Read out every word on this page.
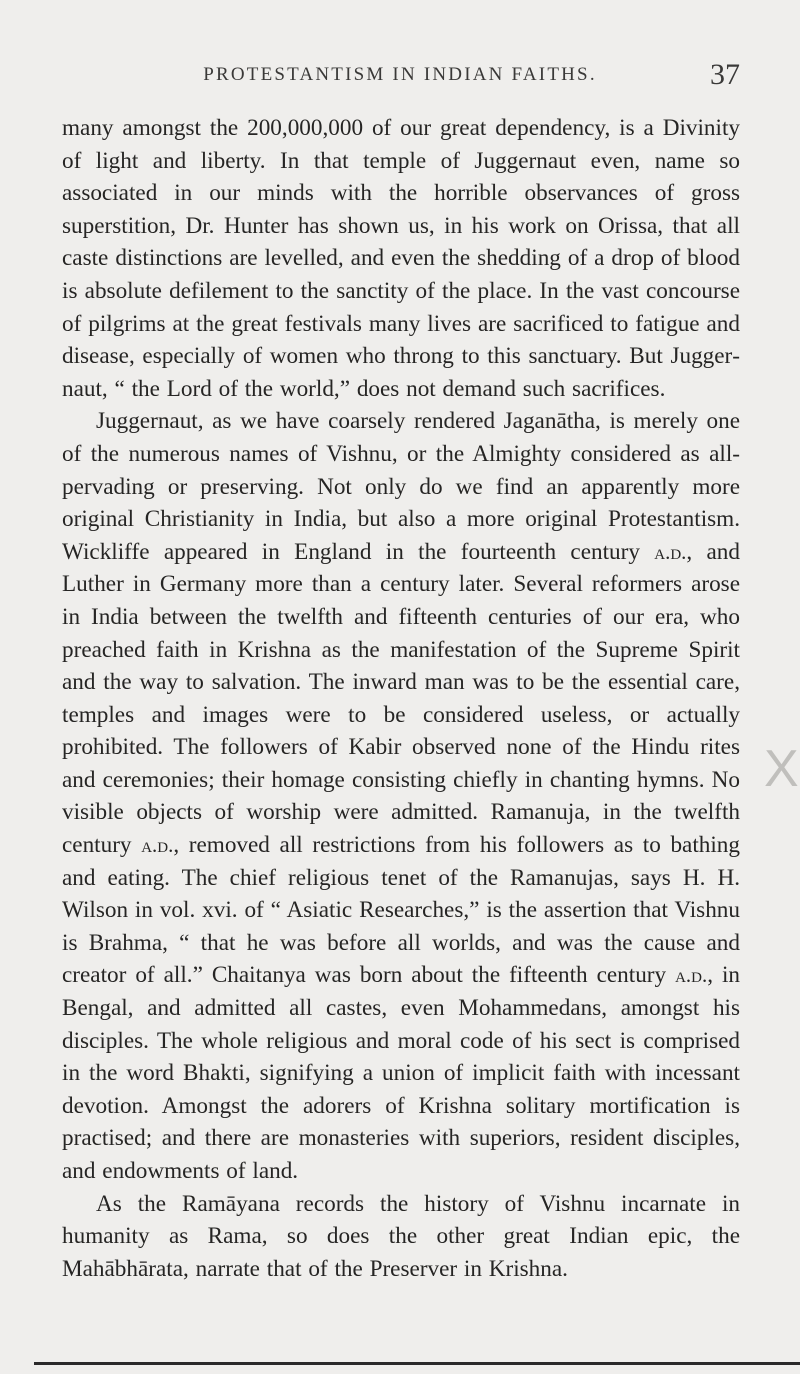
PROTESTANTISM IN INDIAN FAITHS.	37

many amongst the 200,000,000 of our great dependency, is a Divinity of light and liberty. In that temple of Juggernaut even, name so associated in our minds with the horrible observances of gross superstition, Dr. Hunter has shown us, in his work on Orissa, that all caste distinctions are levelled, and even the shedding of a drop of blood is absolute defilement to the sanctity of the place. In the vast concourse of pilgrims at the great festivals many lives are sacrificed to fatigue and disease, especially of women who throng to this sanctuary. But Juggernaut, “ the Lord of the world,” does not demand such sacrifices.

Juggernaut, as we have coarsely rendered Jaganātha, is merely one of the numerous names of Vishnu, or the Almighty considered as all-pervading or preserving. Not only do we find an apparently more original Christianity in India, but also a more original Protestantism. Wickliffe appeared in England in the fourteenth century a.d., and Luther in Germany more than a century later. Several reformers arose in India between the twelfth and fifteenth centuries of our era, who preached faith in Krishna as the manifestation of the Supreme Spirit and the way to salvation. The inward man was to be the essential care, temples and images were to be considered useless, or actually prohibited. The followers of Kabir observed none of the Hindu rites and ceremonies; their homage consisting chiefly in chanting hymns. No visible objects of worship were admitted. Ramanuja, in the twelfth century a.d., removed all restrictions from his followers as to bathing and eating. The chief religious tenet of the Ramanujas, says H. H. Wilson in vol. xvi. of “ Asiatic Researches,” is the assertion that Vishnu is Brahma, “ that he was before all worlds, and was the cause and creator of all.” Chaitanya was born about the fifteenth century a.d., in Bengal, and admitted all castes, even Mohammedans, amongst his disciples. The whole religious and moral code of his sect is comprised in the word Bhakti, signifying a union of implicit faith with incessant devotion. Amongst the adorers of Krishna solitary mortification is practised; and there are monasteries with superiors, resident disciples, and endowments of land.

As the Ramāyana records the history of Vishnu incarnate in humanity as Rama, so does the other great Indian epic, the Mahābhārata, narrate that of the Preserver in Krishna.

X
